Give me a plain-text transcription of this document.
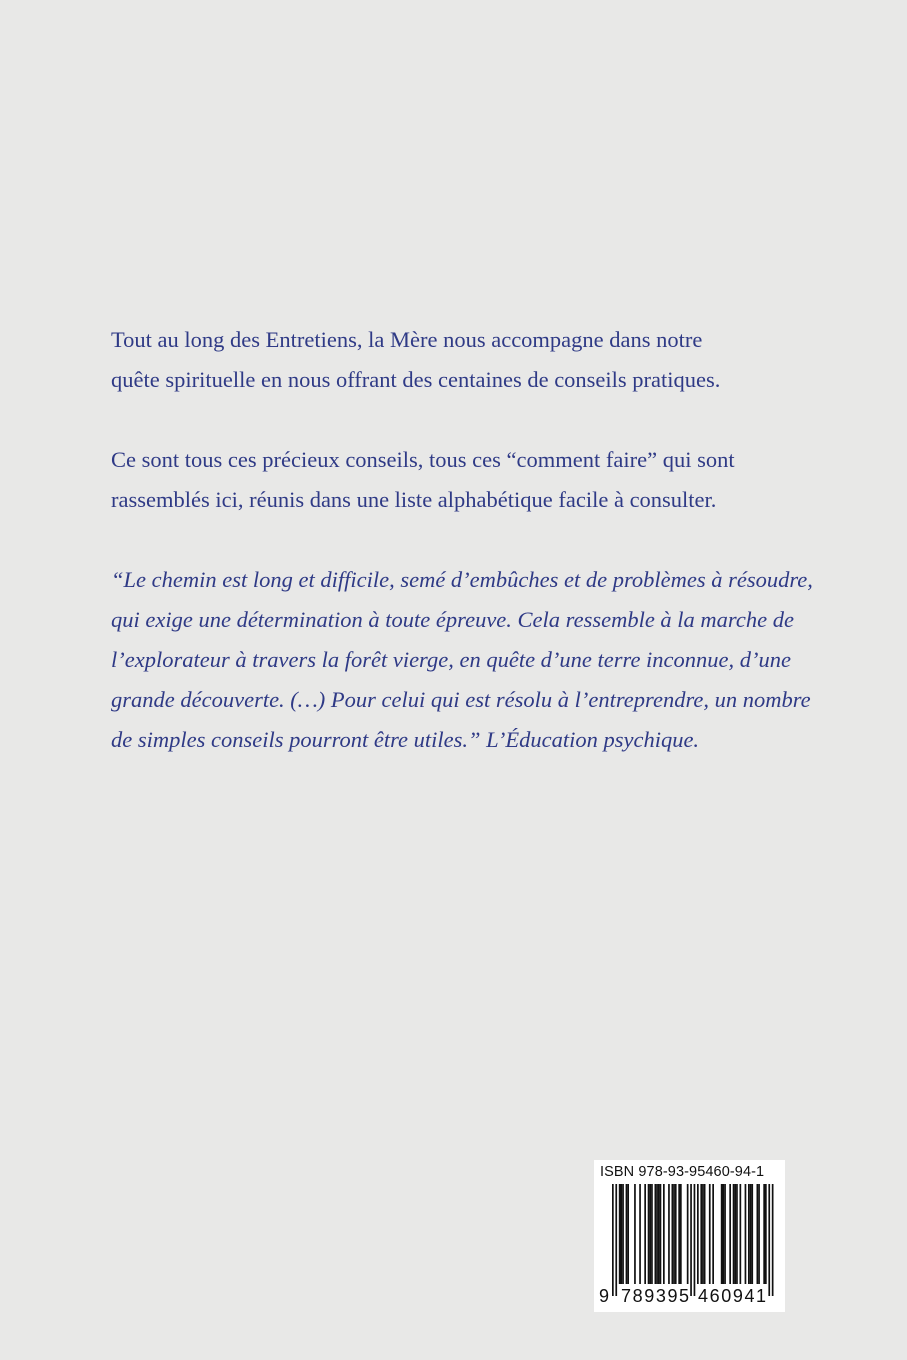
Tout au long des Entretiens, la Mère nous accompagne dans notre
quête spirituelle en nous offrant des centaines de conseils pratiques.
Ce sont tous ces précieux conseils, tous ces “comment faire” qui sont
rassemblés ici, réunis dans une liste alphabétique facile à consulter.
“Le chemin est long et difficile, semé d’embûches et de problèmes à résoudre,
qui exige une détermination à toute épreuve. Cela ressemble à la marche de
l’explorateur à travers la forêt vierge, en quête d’une terre inconnue, d’une
grande découverte. (…) Pour celui qui est résolu à l’entreprendre, un nombre
de simples conseils pourront être utiles.” L’Éducation psychique.
ISBN 978-93-95460-94-1
9 789395 460941
